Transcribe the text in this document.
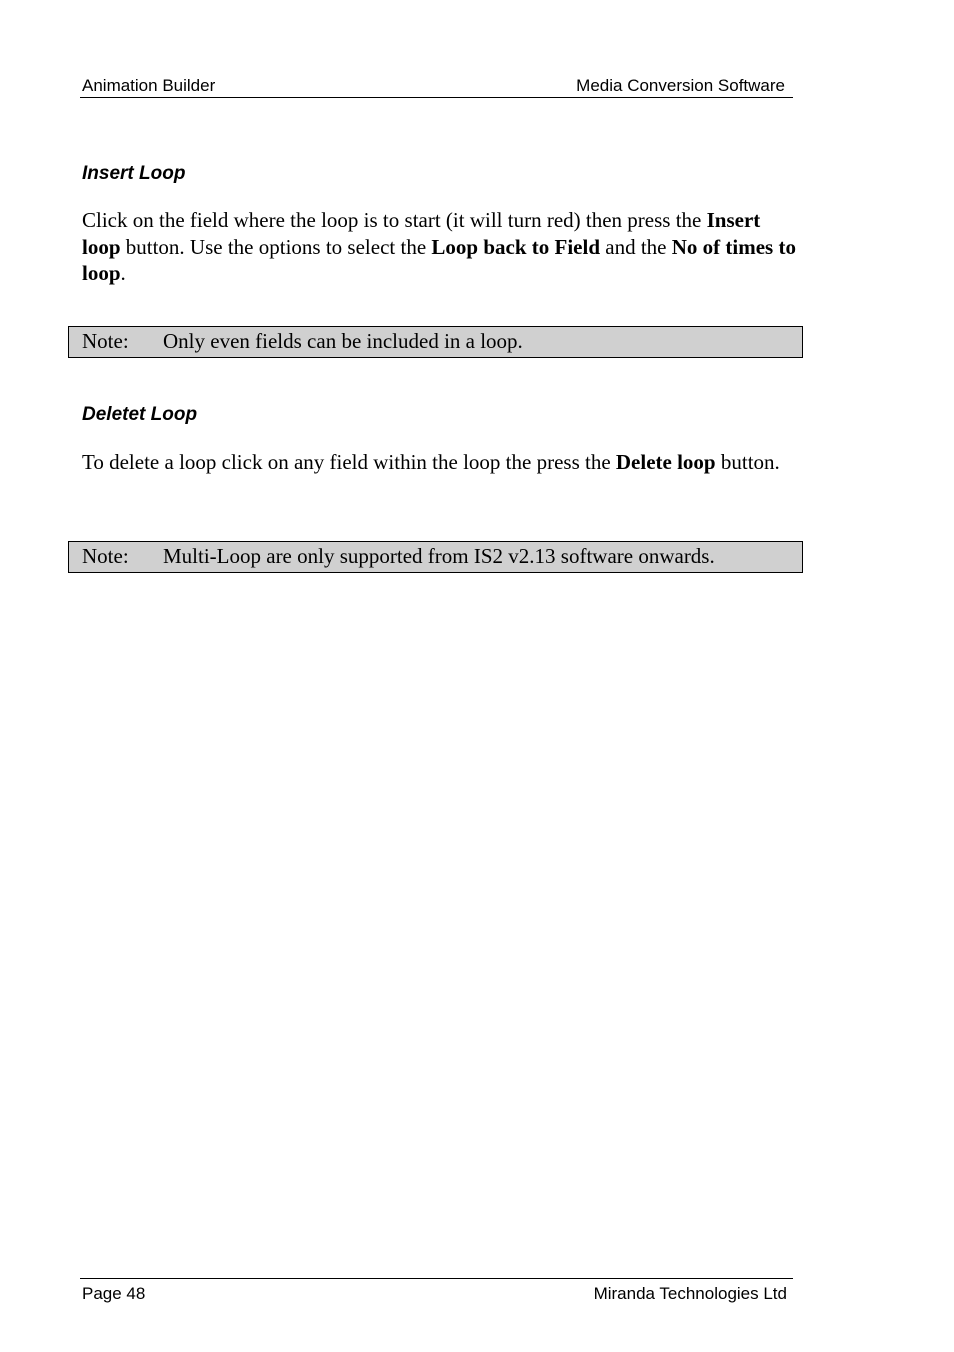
Animation Builder	Media Conversion Software
Insert Loop

Click on the field where the loop is to start (it will turn red) then press the Insert loop button. Use the options to select the Loop back to Field and the No of times to loop.

Note: Only even fields can be included in a loop.
Deletet Loop

To delete a loop click on any field within the loop the press the Delete loop button.

Note: Multi-Loop are only supported from IS2 v2.13 software onwards.
Page 48	Miranda Technologies Ltd
